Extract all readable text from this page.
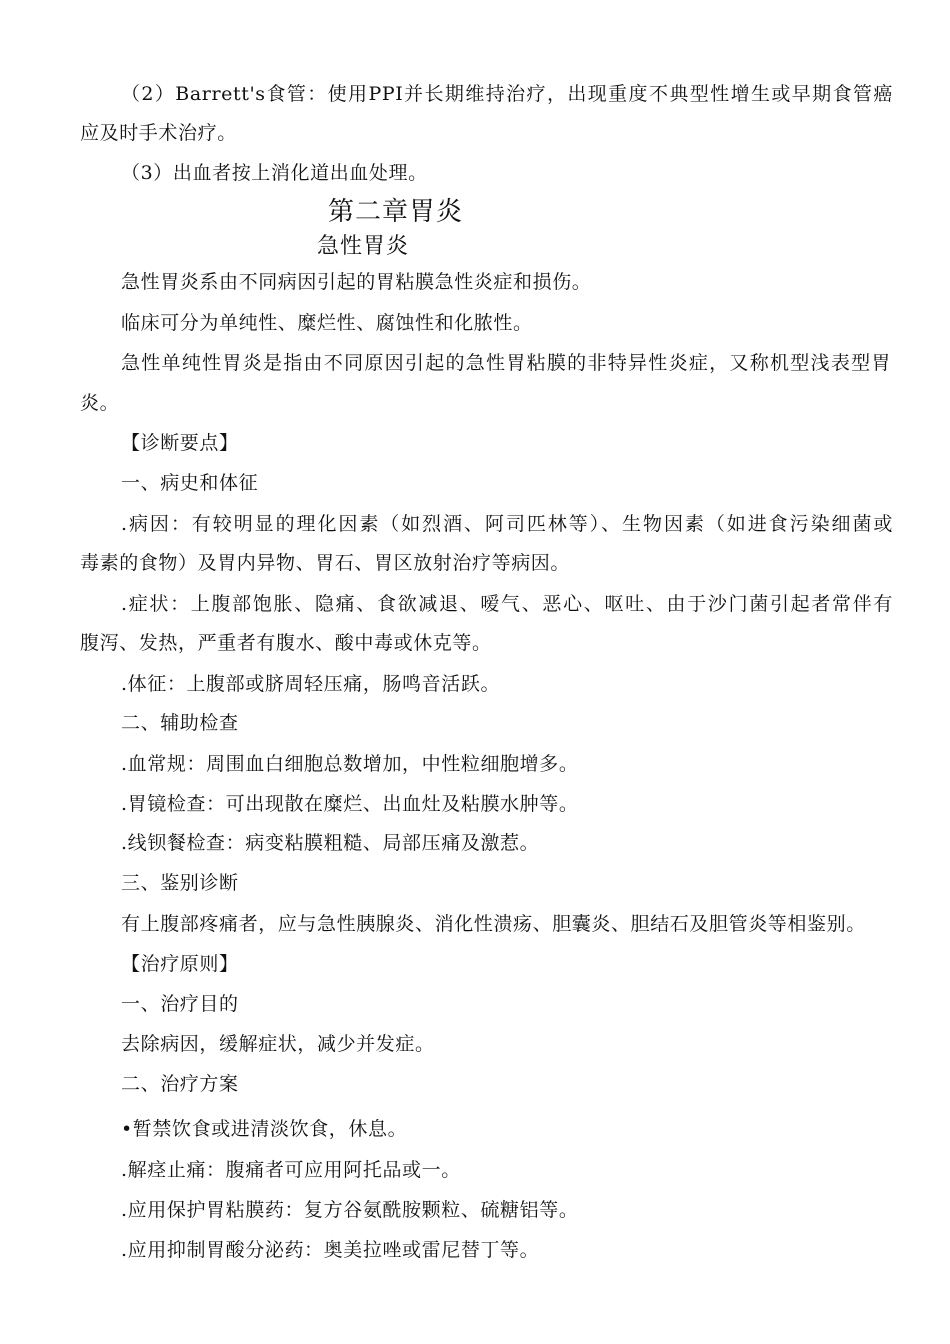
（2）Barrett's食管：使用PPI并长期维持治疗，出现重度不典型性增生或早期食管癌
应及时手术治疗。
（3）出血者按上消化道出血处理。
第二章胃炎
急性胃炎
急性胃炎系由不同病因引起的胃粘膜急性炎症和损伤。
临床可分为单纯性、糜烂性、腐蚀性和化脓性。
急性单纯性胃炎是指由不同原因引起的急性胃粘膜的非特异性炎症，又称机型浅表型胃
炎。
【诊断要点】
一、病史和体征
.病因：有较明显的理化因素（如烈酒、阿司匹林等）、生物因素（如进食污染细菌或
毒素的食物）及胃内异物、胃石、胃区放射治疗等病因。
.症状：上腹部饱胀、隐痛、食欲减退、嗳气、恶心、呕吐、由于沙门菌引起者常伴有
腹泻、发热，严重者有腹水、酸中毒或休克等。
.体征：上腹部或脐周轻压痛，肠鸣音活跃。
二、辅助检查
.血常规：周围血白细胞总数增加，中性粒细胞增多。
.胃镜检查：可出现散在糜烂、出血灶及粘膜水肿等。
.线钡餐检查：病变粘膜粗糙、局部压痛及激惹。
三、鉴别诊断
有上腹部疼痛者，应与急性胰腺炎、消化性溃疡、胆囊炎、胆结石及胆管炎等相鉴别。
【治疗原则】
一、治疗目的
去除病因，缓解症状，减少并发症。
二、治疗方案
•暂禁饮食或进清淡饮食，休息。
.解痉止痛：腹痛者可应用阿托品或一。
.应用保护胃粘膜药：复方谷氨酰胺颗粒、硫糖铝等。
.应用抑制胃酸分泌药：奥美拉唑或雷尼替丁等。
